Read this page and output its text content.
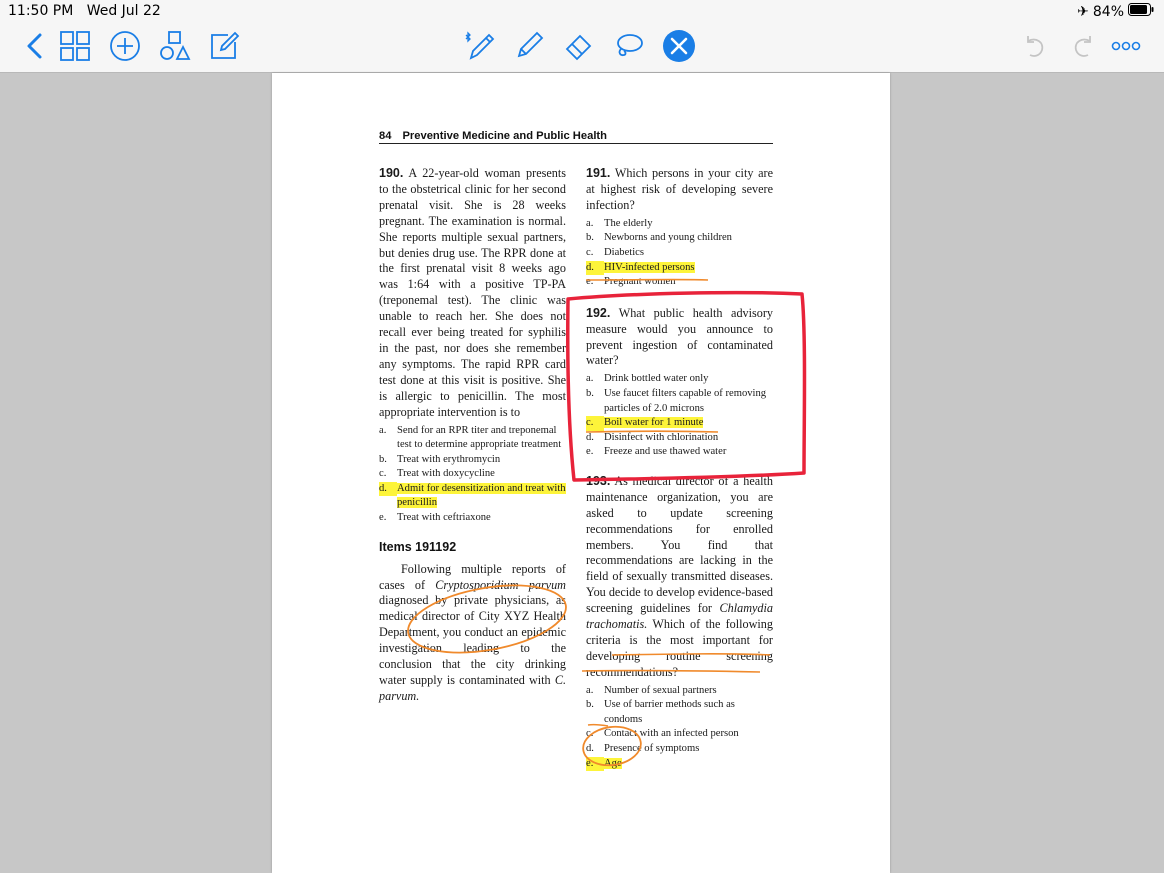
11:50 PM Wed Jul 22	✈ 84%
84 Preventive Medicine and Public Health

190. A 22-year-old woman presents to the obstetrical clinic for her second prenatal visit. She is 28 weeks pregnant. The examination is normal. She reports multiple sexual partners, but denies drug use. The RPR done at the first prenatal visit 8 weeks ago was 1:64 with a positive TP-PA (treponemal test). The clinic was unable to reach her. She does not recall ever being treated for syphilis in the past, nor does she remember any symptoms. The rapid RPR card test done at this visit is positive. She is allergic to penicillin. The most appropriate intervention is to

a. Send for an RPR titer and treponemal test to determine appropriate treatment
b. Treat with erythromycin
c. Treat with doxycycline
d. Admit for desensitization and treat with penicillin
e. Treat with ceftriaxone
Items 191192

Following multiple reports of cases of Cryptosporidium parvum diagnosed by private physicians, as medical director of City XYZ Health Department, you conduct an epidemic investigation leading to the conclusion that the city drinking water supply is contaminated with C. parvum.

191. Which persons in your city are at highest risk of developing severe infection?

a. The elderly
b. Newborns and young children
c. Diabetics
d. HIV-infected persons
e. Pregnant women

192. What public health advisory measure would you announce to prevent ingestion of contaminated water?

a. Drink bottled water only
b. Use faucet filters capable of removing particles of 2.0 microns
c. Boil water for 1 minute
d. Disinfect with chlorination
e. Freeze and use thawed water

193. As medical director of a health maintenance organization, you are asked to update screening recommendations for enrolled members. You find that recommendations are lacking in the field of sexually transmitted diseases. You decide to develop evidence-based screening guidelines for Chlamydia trachomatis. Which of the following criteria is the most important for developing routine screening recommendations?

a. Number of sexual partners
b. Use of barrier methods such as condoms
c. Contact with an infected person
d. Presence of symptoms
e. Age
